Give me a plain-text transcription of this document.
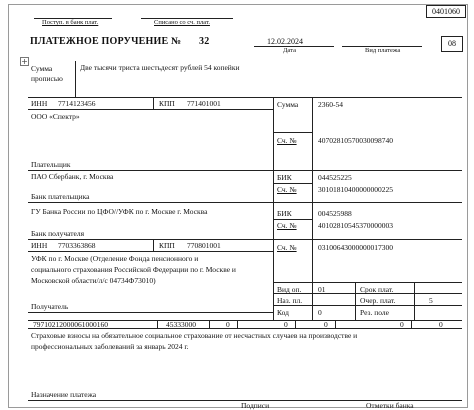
0401060
Поступ. в банк плат.	Списано со сч. плат.
ПЛАТЕЖНОЕ ПОРУЧЕНИЕ № 32	12.02.2024
Дата	Вид платежа
08
+
Сумма прописью
Две тысячи триста шестьдесят рублей 54 копейки
ИНН 7714123456	КПП 771401001
ООО «Спектр»
Плательщик
Сумма	2360-54
Сч. №	40702810570030098740
ПАО Сбербанк, г. Москва
Банк плательщика
БИК	044525225
Сч. №	30101810400000000225
ГУ Банка России по ЦФО//УФК по г. Москве г. Москва
Банк получателя
БИК	004525988
Сч. №	40102810545370000003
ИНН 7703363868	КПП 770801001
УФК по г. Москве (Отделение Фонда пенсионного и
социального страхования Российской Федерации по г. Москве и
Московской области/л/с 04734Ф73010)
Получатель
Сч. №	03100643000000017300
Вид оп. 01	Срок плат.
Наз. пл.	Очер. плат.	5
Код	0	Рез. поле
79710212000061000160	45333000	0	0	0	0	0
Страховые взносы на обязательное социальное страхование от несчастных случаев на производстве и
профессиональных заболеваний за январь 2024 г.
Назначение платежа
Подписи	Отметки банка
